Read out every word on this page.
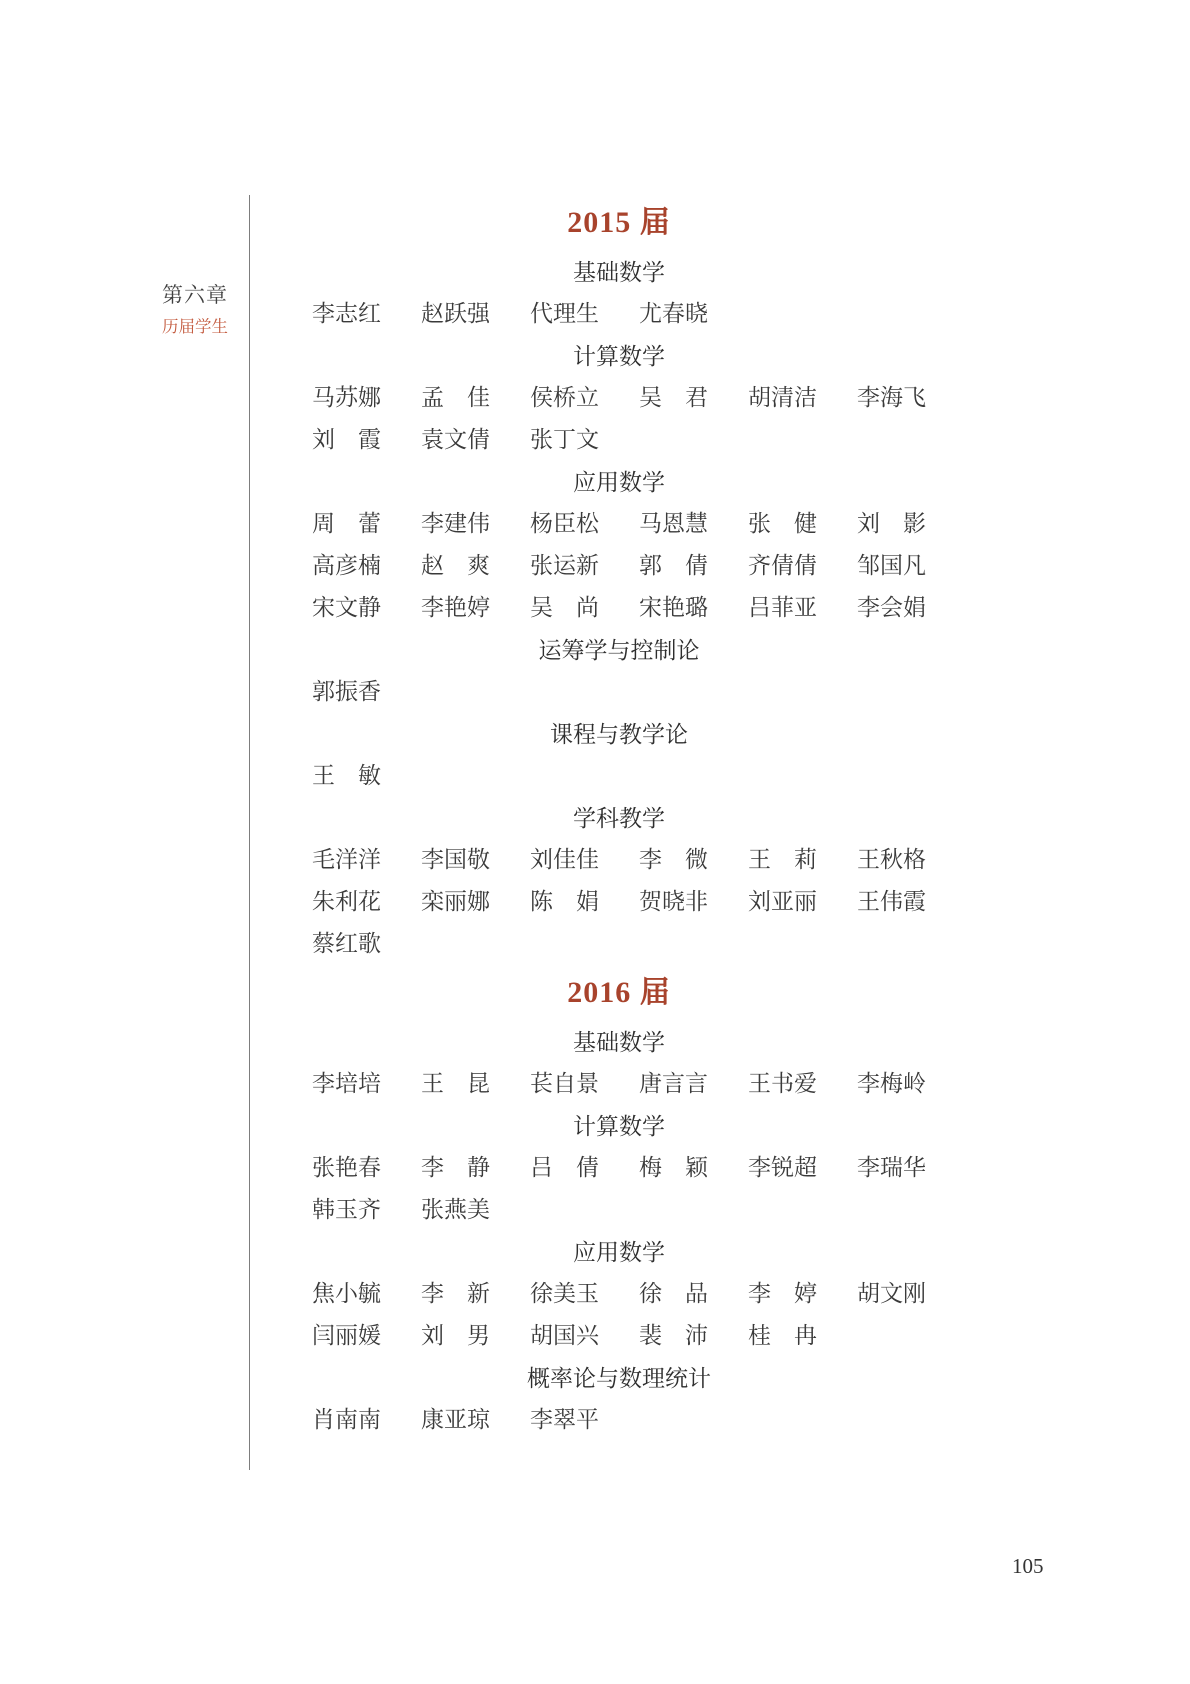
第六章
历届学生
2015 届
基础数学
李志红 赵跃强 代理生 尤春晓
计算数学
马苏娜 孟佳 侯桥立 吴君 胡清洁 李海飞
刘霞 袁文倩 张丁文
应用数学
周蕾 李建伟 杨臣松 马恩慧 张健 刘影
高彦楠 赵爽 张运新 郭倩 齐倩倩 邹国凡
宋文静 李艳婷 吴尚 宋艳璐 吕菲亚 李会娟
运筹学与控制论
郭振香
课程与教学论
王敏
学科教学
毛洋洋 李国敬 刘佳佳 李微 王莉 王秋格
朱利花 栾丽娜 陈娟 贺晓非 刘亚丽 王伟霞
蔡红歌
2016 届
基础数学
李培培 王昆 苌自景 唐言言 王书爱 李梅岭
计算数学
张艳春 李静 吕倩 梅颖 李锐超 李瑞华
韩玉齐 张燕美
应用数学
焦小毓 李新 徐美玉 徐品 李婷 胡文刚
闫丽媛 刘男 胡国兴 裴沛 桂冉
概率论与数理统计
肖南南 康亚琼 李翠平
105
